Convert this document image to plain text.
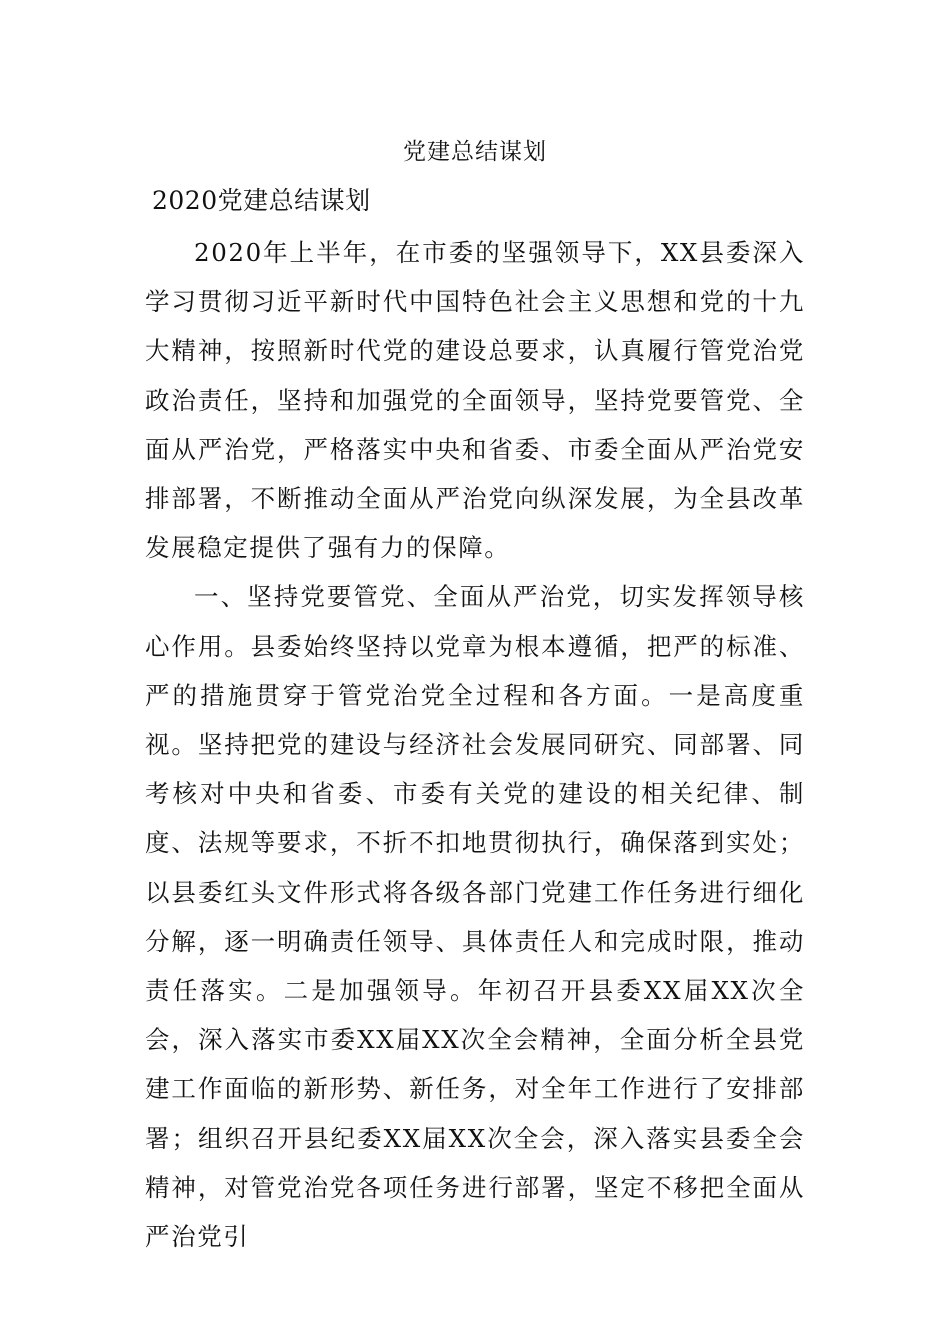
党建总结谋划
2020党建总结谋划

2020年上半年，在市委的坚强领导下，XX县委深入学习贯彻习近平新时代中国特色社会主义思想和党的十九大精神，按照新时代党的建设总要求，认真履行管党治党政治责任，坚持和加强党的全面领导，坚持党要管党、全面从严治党，严格落实中央和省委、市委全面从严治党安排部署，不断推动全面从严治党向纵深发展，为全县改革发展稳定提供了强有力的保障。

一、坚持党要管党、全面从严治党，切实发挥领导核心作用。县委始终坚持以党章为根本遵循，把严的标准、严的措施贯穿于管党治党全过程和各方面。一是高度重视。坚持把党的建设与经济社会发展同研究、同部署、同考核对中央和省委、市委有关党的建设的相关纪律、制度、法规等要求，不折不扣地贯彻执行，确保落到实处；以县委红头文件形式将各级各部门党建工作任务进行细化分解，逐一明确责任领导、具体责任人和完成时限，推动责任落实。二是加强领导。年初召开县委XX届XX次全会，深入落实市委XX届XX次全会精神，全面分析全县党建工作面临的新形势、新任务，对全年工作进行了安排部署；组织召开县纪委XX届XX次全会，深入落实县委全会精神，对管党治党各项任务进行部署，坚定不移把全面从严治党引
